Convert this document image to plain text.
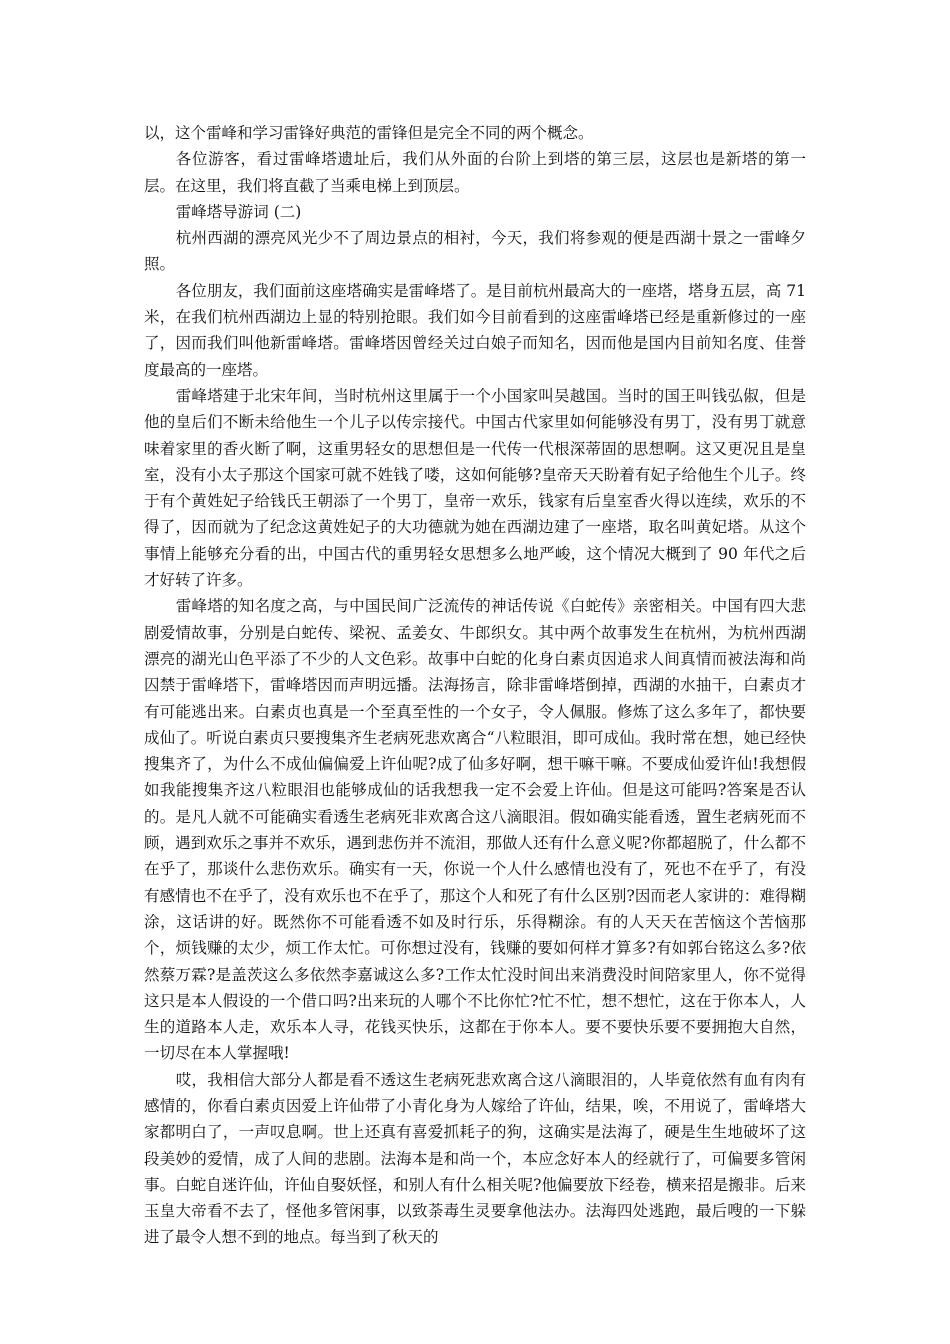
以，这个雷峰和学习雷锋好典范的雷锋但是完全不同的两个概念。

各位游客，看过雷峰塔遗址后，我们从外面的台阶上到塔的第三层，这层也是新塔的第一层。在这里，我们将直截了当乘电梯上到顶层。

雷峰塔导游词 (二)

杭州西湖的漂亮风光少不了周边景点的相衬，今天，我们将参观的便是西湖十景之一雷峰夕照。

各位朋友，我们面前这座塔确实是雷峰塔了。是目前杭州最高大的一座塔，塔身五层，高 71 米，在我们杭州西湖边上显的特别抢眼。我们如今目前看到的这座雷峰塔已经是重新修过的一座了，因而我们叫他新雷峰塔。雷峰塔因曾经关过白娘子而知名，因而他是国内目前知名度、佳誉度最高的一座塔。

雷峰塔建于北宋年间，当时杭州这里属于一个小国家叫吴越国。当时的国王叫钱弘俶，但是他的皇后们不断未给他生一个儿子以传宗接代。中国古代家里如何能够没有男丁，没有男丁就意味着家里的香火断了啊，这重男轻女的思想但是一代传一代根深蒂固的思想啊。这又更况且是皇室，没有小太子那这个国家可就不姓钱了喽，这如何能够?皇帝天天盼着有妃子给他生个儿子。终于有个黄姓妃子给钱氏王朝添了一个男丁，皇帝一欢乐，钱家有后皇室香火得以连续，欢乐的不得了，因而就为了纪念这黄姓妃子的大功德就为她在西湖边建了一座塔，取名叫黄妃塔。从这个事情上能够充分看的出，中国古代的重男轻女思想多么地严峻，这个情况大概到了 90 年代之后才好转了许多。

雷峰塔的知名度之高，与中国民间广泛流传的神话传说《白蛇传》亲密相关。中国有四大悲剧爱情故事，分别是白蛇传、梁祝、孟姜女、牛郎织女。其中两个故事发生在杭州，为杭州西湖漂亮的湖光山色平添了不少的人文色彩。故事中白蛇的化身白素贞因追求人间真情而被法海和尚囚禁于雷峰塔下，雷峰塔因而声明远播。法海扬言，除非雷峰塔倒掉，西湖的水抽干，白素贞才有可能逃出来。白素贞也真是一个至真至性的一个女子，令人佩服。修炼了这么多年了，都快要成仙了。听说白素贞只要搜集齐生老病死悲欢离合“八粒眼泪，即可成仙。我时常在想，她已经快搜集齐了，为什么不成仙偏偏爱上许仙呢?成了仙多好啊，想干嘛干嘛。不要成仙爱许仙!我想假如我能搜集齐这八粒眼泪也能够成仙的话我想我一定不会爱上许仙。但是这可能吗?答案是否认的。是凡人就不可能确实看透生老病死非欢离合这八滴眼泪。假如确实能看透，置生老病死而不顾，遇到欢乐之事并不欢乐，遇到悲伤并不流泪，那做人还有什么意义呢?你都超脱了，什么都不在乎了，那谈什么悲伤欢乐。确实有一天，你说一个人什么感情也没有了，死也不在乎了，有没有感情也不在乎了，没有欢乐也不在乎了，那这个人和死了有什么区别?因而老人家讲的：难得糊涂，这话讲的好。既然你不可能看透不如及时行乐，乐得糊涂。有的人天天在苦恼这个苦恼那个，烦钱赚的太少，烦工作太忙。可你想过没有，钱赚的要如何样才算多?有如郭台铭这么多?依然蔡万霖?是盖茨这么多依然李嘉诚这么多?工作太忙没时间出来消费没时间陪家里人，你不觉得这只是本人假设的一个借口吗?出来玩的人哪个不比你忙?忙不忙，想不想忙，这在于你本人，人生的道路本人走，欢乐本人寻，花钱买快乐，这都在于你本人。要不要快乐要不要拥抱大自然，一切尽在本人掌握哦!

哎，我相信大部分人都是看不透这生老病死悲欢离合这八滴眼泪的，人毕竟依然有血有肉有感情的，你看白素贞因爱上许仙带了小青化身为人嫁给了许仙，结果，唉，不用说了，雷峰塔大家都明白了，一声叹息啊。世上还真有喜爱抓耗子的狗，这确实是法海了，硬是生生地破坏了这段美妙的爱情，成了人间的悲剧。法海本是和尚一个，本应念好本人的经就行了，可偏要多管闲事。白蛇自迷许仙，许仙自娶妖怪，和别人有什么相关呢?他偏要放下经卷，横来招是搬非。后来玉皇大帝看不去了，怪他多管闲事，以致荼毒生灵要拿他法办。法海四处逃跑，最后嗖的一下躲进了最令人想不到的地点。每当到了秋天的
